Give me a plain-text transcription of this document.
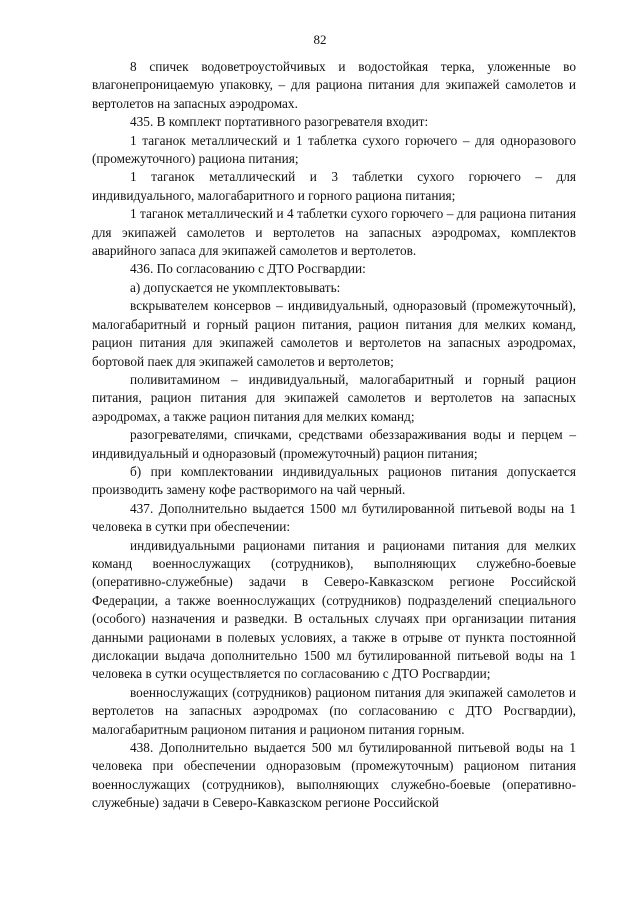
82

8 спичек водоветроустойчивых и водостойкая терка, уложенные во влагонепроницаемую упаковку, – для рациона питания для экипажей самолетов и вертолетов на запасных аэродромах.

435. В комплект портативного разогревателя входит:

1 таганок металлический и 1 таблетка сухого горючего – для одноразового (промежуточного) рациона питания;

1 таганок металлический и 3 таблетки сухого горючего – для индивидуального, малогабаритного и горного рациона питания;

1 таганок металлический и 4 таблетки сухого горючего – для рациона питания для экипажей самолетов и вертолетов на запасных аэродромах, комплектов аварийного запаса для экипажей самолетов и вертолетов.

436. По согласованию с ДТО Росгвардии:

а) допускается не укомплектовывать:

вскрывателем консервов – индивидуальный, одноразовый (промежуточный), малогабаритный и горный рацион питания, рацион питания для мелких команд, рацион питания для экипажей самолетов и вертолетов на запасных аэродромах, бортовой паек для экипажей самолетов и вертолетов;

поливитамином – индивидуальный, малогабаритный и горный рацион питания, рацион питания для экипажей самолетов и вертолетов на запасных аэродромах, а также рацион питания для мелких команд;

разогревателями, спичками, средствами обеззараживания воды и перцем – индивидуальный и одноразовый (промежуточный) рацион питания;

б) при комплектовании индивидуальных рационов питания допускается производить замену кофе растворимого на чай черный.

437. Дополнительно выдается 1500 мл бутилированной питьевой воды на 1 человека в сутки при обеспечении:

индивидуальными рационами питания и рационами питания для мелких команд военнослужащих (сотрудников), выполняющих служебно-боевые (оперативно-служебные) задачи в Северо-Кавказском регионе Российской Федерации, а также военнослужащих (сотрудников) подразделений специального (особого) назначения и разведки. В остальных случаях при организации питания данными рационами в полевых условиях, а также в отрыве от пункта постоянной дислокации выдача дополнительно 1500 мл бутилированной питьевой воды на 1 человека в сутки осуществляется по согласованию с ДТО Росгвардии;

военнослужащих (сотрудников) рационом питания для экипажей самолетов и вертолетов на запасных аэродромах (по согласованию с ДТО Росгвардии), малогабаритным рационом питания и рационом питания горным.

438. Дополнительно выдается 500 мл бутилированной питьевой воды на 1 человека при обеспечении одноразовым (промежуточным) рационом питания военнослужащих (сотрудников), выполняющих служебно-боевые (оперативно-служебные) задачи в Северо-Кавказском регионе Российской
